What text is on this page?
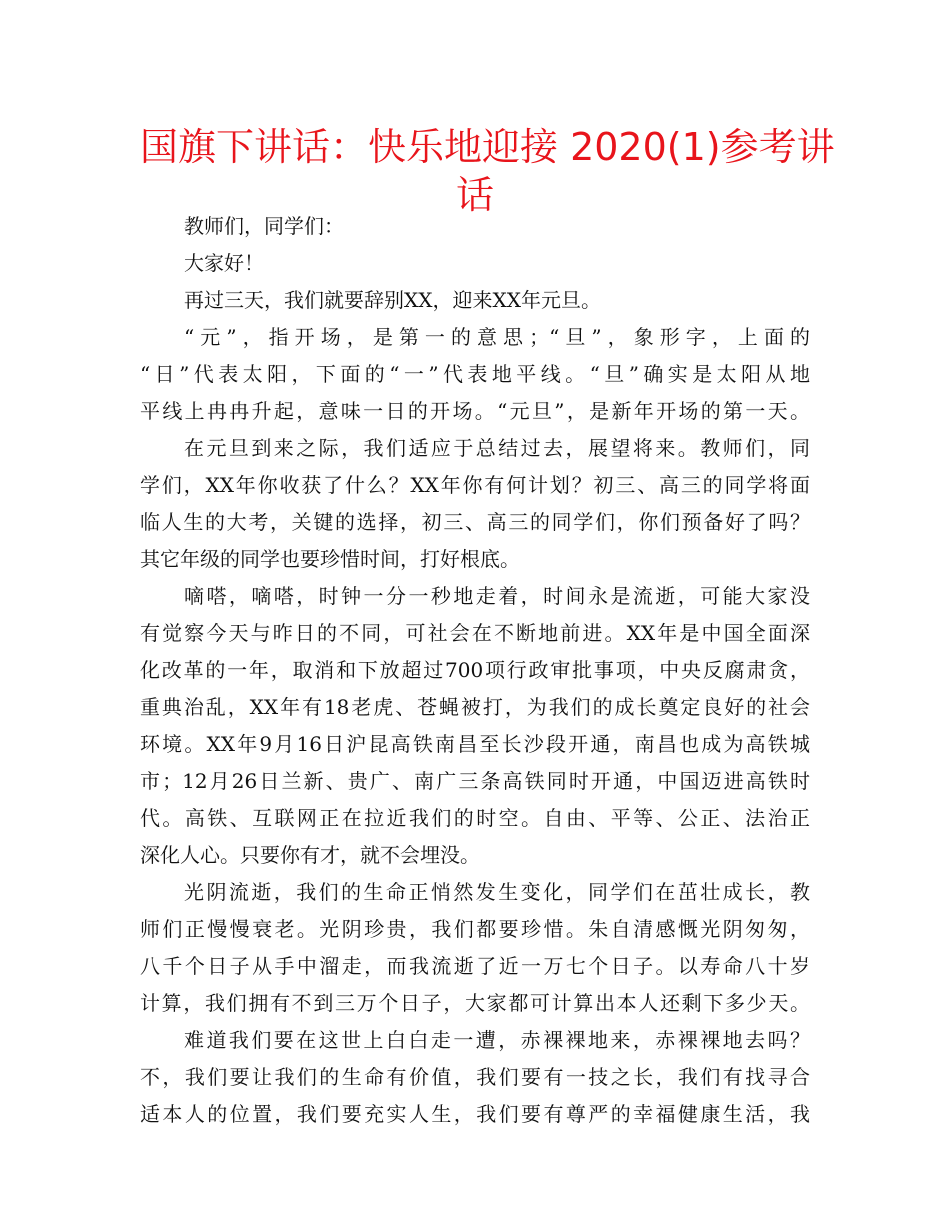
国旗下讲话：快乐地迎接 2020(1)参考讲
话
教师们，同学们：
大家好！
再过三天，我们就要辞别XX，迎来XX年元旦。
“元”，指开场，是第一的意思；“旦”，象形字，上面的
“日”代表太阳，下面的“一”代表地平线。“旦”确实是太阳从地
平线上冉冉升起，意味一日的开场。“元旦”，是新年开场的第一天。
在元旦到来之际，我们适应于总结过去，展望将来。教师们，同
学们，XX年你收获了什么？XX年你有何计划？初三、高三的同学将面
临人生的大考，关键的选择，初三、高三的同学们，你们预备好了吗？
其它年级的同学也要珍惜时间，打好根底。
嘀嗒，嘀嗒，时钟一分一秒地走着，时间永是流逝，可能大家没
有觉察今天与昨日的不同，可社会在不断地前进。XX年是中国全面深
化改革的一年，取消和下放超过700项行政审批事项，中央反腐肃贪，
重典治乱，XX年有18老虎、苍蝇被打，为我们的成长奠定良好的社会
环境。XX年9月16日沪昆高铁南昌至长沙段开通，南昌也成为高铁城
市；12月26日兰新、贵广、南广三条高铁同时开通，中国迈进高铁时
代。高铁、互联网正在拉近我们的时空。自由、平等、公正、法治正
深化人心。只要你有才，就不会埋没。
光阴流逝，我们的生命正悄然发生变化，同学们在茁壮成长，教
师们正慢慢衰老。光阴珍贵，我们都要珍惜。朱自清感慨光阴匆匆，
八千个日子从手中溜走，而我流逝了近一万七个日子。以寿命八十岁
计算，我们拥有不到三万个日子，大家都可计算出本人还剩下多少天。
难道我们要在这世上白白走一遭，赤裸裸地来，赤裸裸地去吗？
不，我们要让我们的生命有价值，我们要有一技之长，我们有找寻合
适本人的位置，我们要充实人生，我们要有尊严的幸福健康生活，我
